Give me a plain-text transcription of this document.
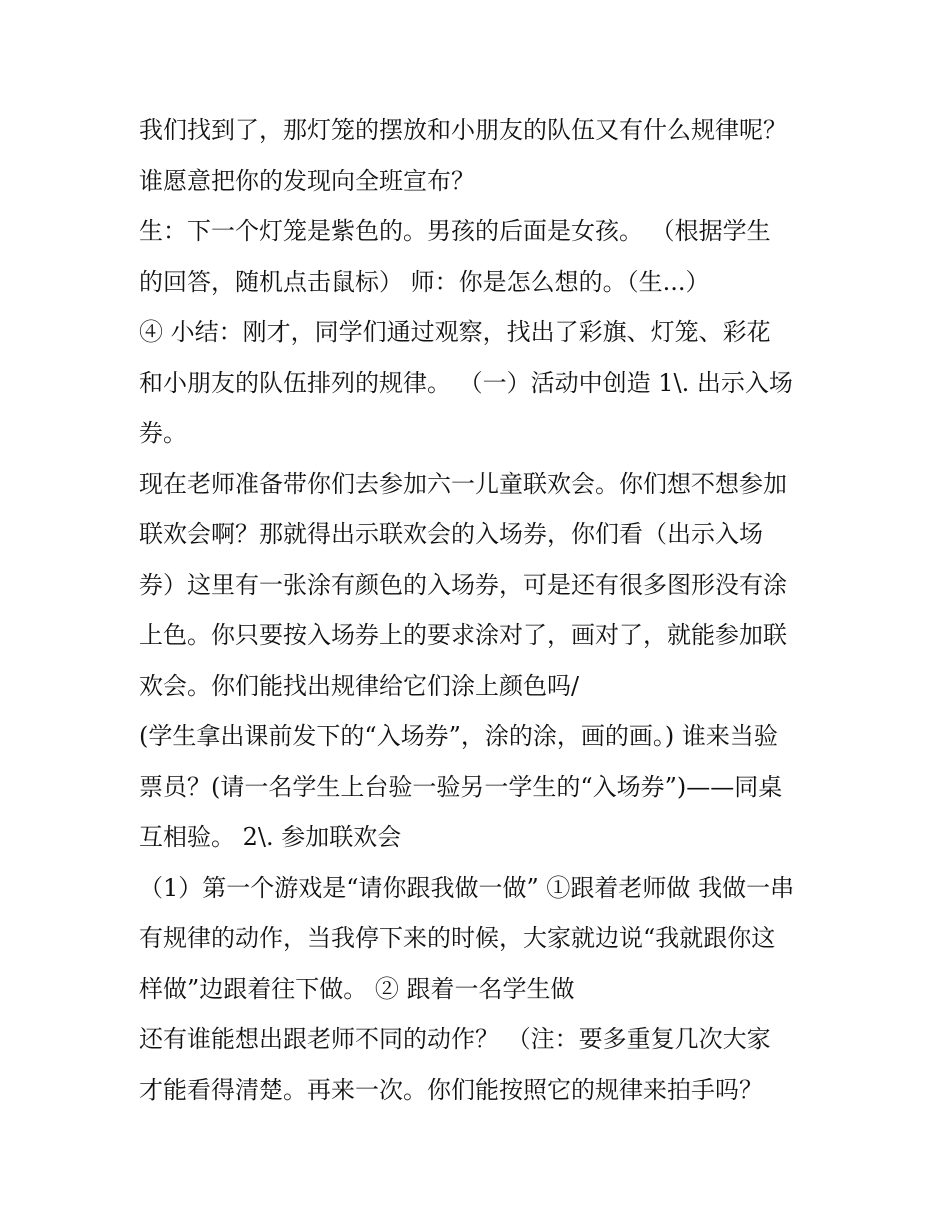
我们找到了，那灯笼的摆放和小朋友的队伍又有什么规律呢？
谁愿意把你的发现向全班宣布？
生：下一个灯笼是紫色的。男孩的后面是女孩。 （根据学生
的回答，随机点击鼠标） 师：你是怎么想的。（生...）
④ 小结：刚才，同学们通过观察，找出了彩旗、灯笼、彩花
和小朋友的队伍排列的规律。 （一）活动中创造 1\. 出示入场
券。
现在老师准备带你们去参加六一儿童联欢会。你们想不想参加
联欢会啊？那就得出示联欢会的入场券，你们看（出示入场
券）这里有一张涂有颜色的入场券，可是还有很多图形没有涂
上色。你只要按入场券上的要求涂对了，画对了，就能参加联
欢会。你们能找出规律给它们涂上颜色吗/
(学生拿出课前发下的“入场券”，涂的涂，画的画。) 谁来当验
票员？(请一名学生上台验一验另一学生的“入场券”)——同桌
互相验。 2\. 参加联欢会
（1）第一个游戏是“请你跟我做一做” ①跟着老师做 我做一串
有规律的动作，当我停下来的时候，大家就边说“我就跟你这
样做”边跟着往下做。 ② 跟着一名学生做
还有谁能想出跟老师不同的动作？ （注：要多重复几次大家
才能看得清楚。再来一次。你们能按照它的规律来拍手吗？
